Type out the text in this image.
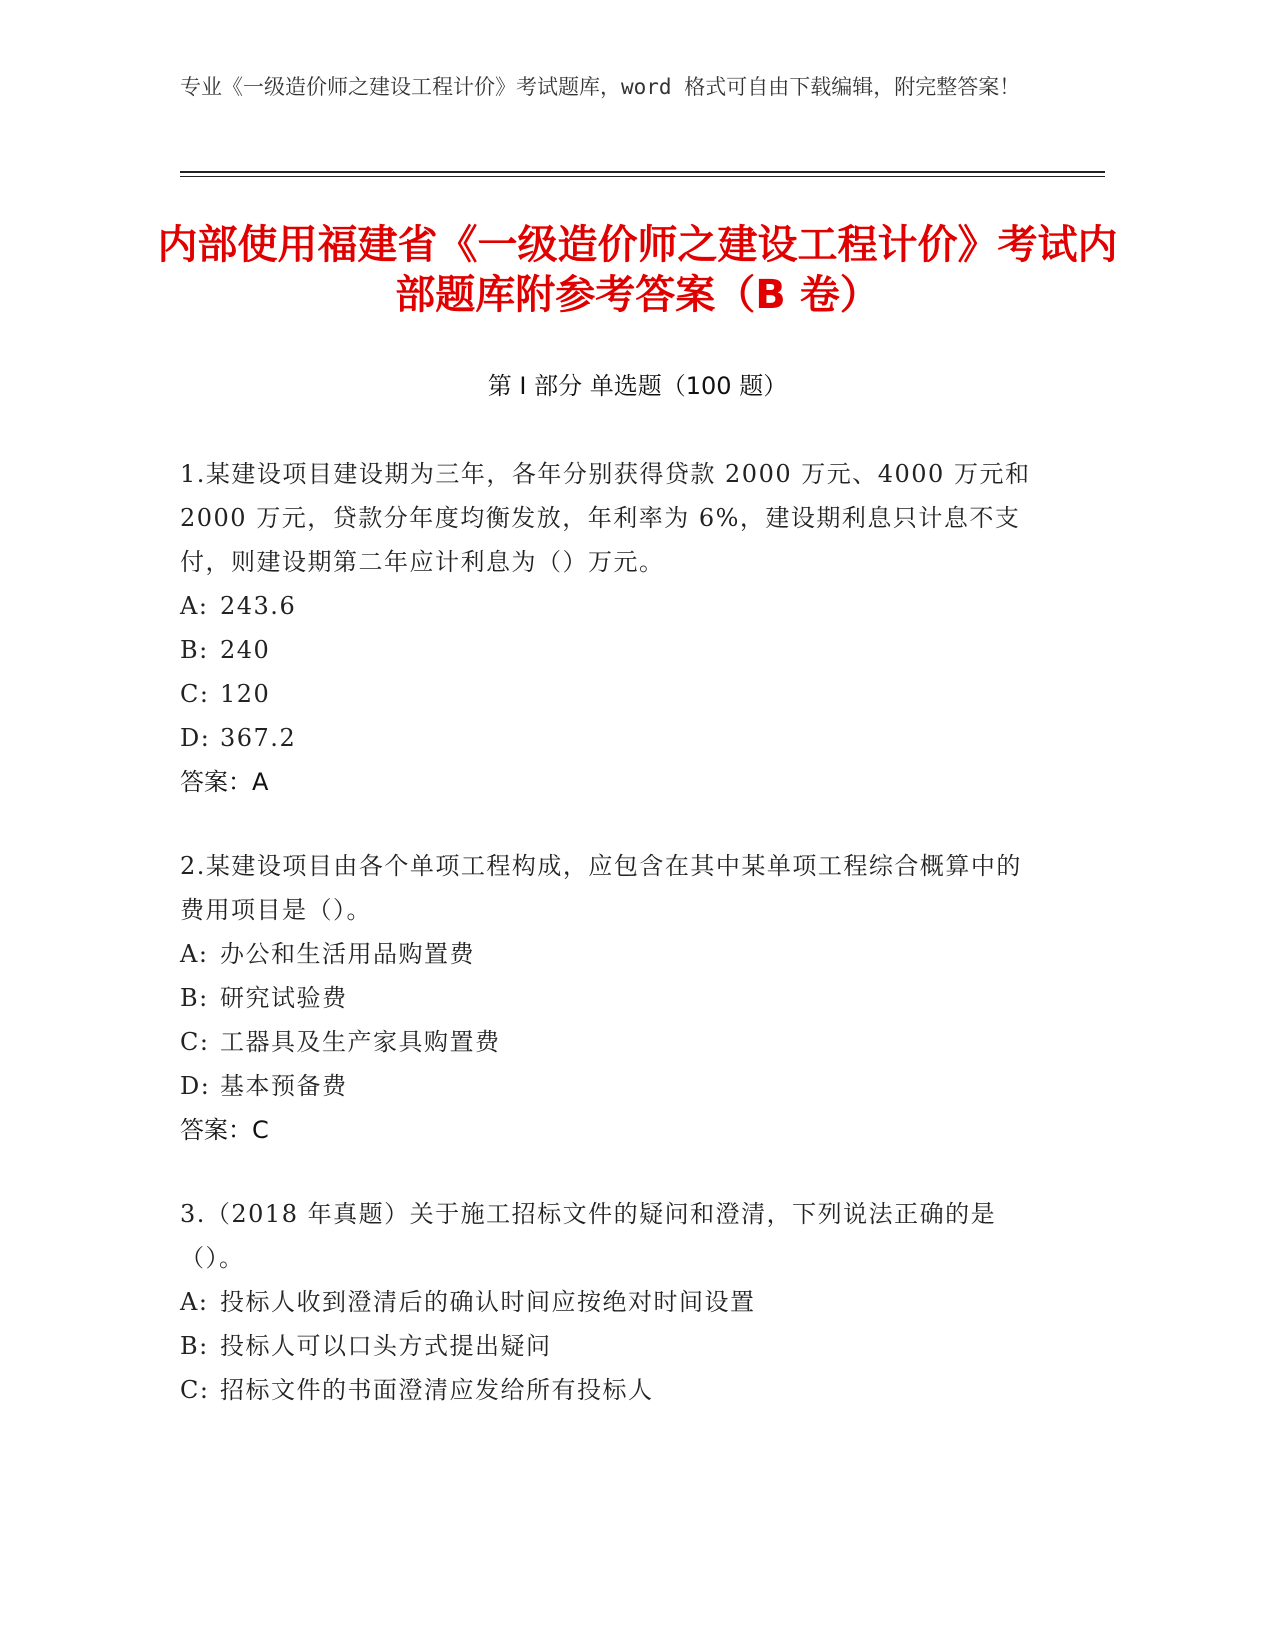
专业《一级造价师之建设工程计价》考试题库，word 格式可自由下载编辑，附完整答案！
内部使用福建省《一级造价师之建设工程计价》考试内部题库附参考答案（B 卷）
第 I 部分 单选题（100 题）

1.某建设项目建设期为三年，各年分别获得贷款 2000 万元、4000 万元和 2000 万元，贷款分年度均衡发放，年利率为 6%，建设期利息只计息不支付，则建设期第二年应计利息为（）万元。

A: 243.6
B: 240
C: 120
D: 367.2
答案：A

2.某建设项目由各个单项工程构成，应包含在其中某单项工程综合概算中的费用项目是（）。

A: 办公和生活用品购置费
B: 研究试验费
C: 工器具及生产家具购置费
D: 基本预备费
答案：C

3.（2018 年真题）关于施工招标文件的疑问和澄清，下列说法正确的是（）。

A: 投标人收到澄清后的确认时间应按绝对时间设置
B: 投标人可以口头方式提出疑问
C: 招标文件的书面澄清应发给所有投标人
